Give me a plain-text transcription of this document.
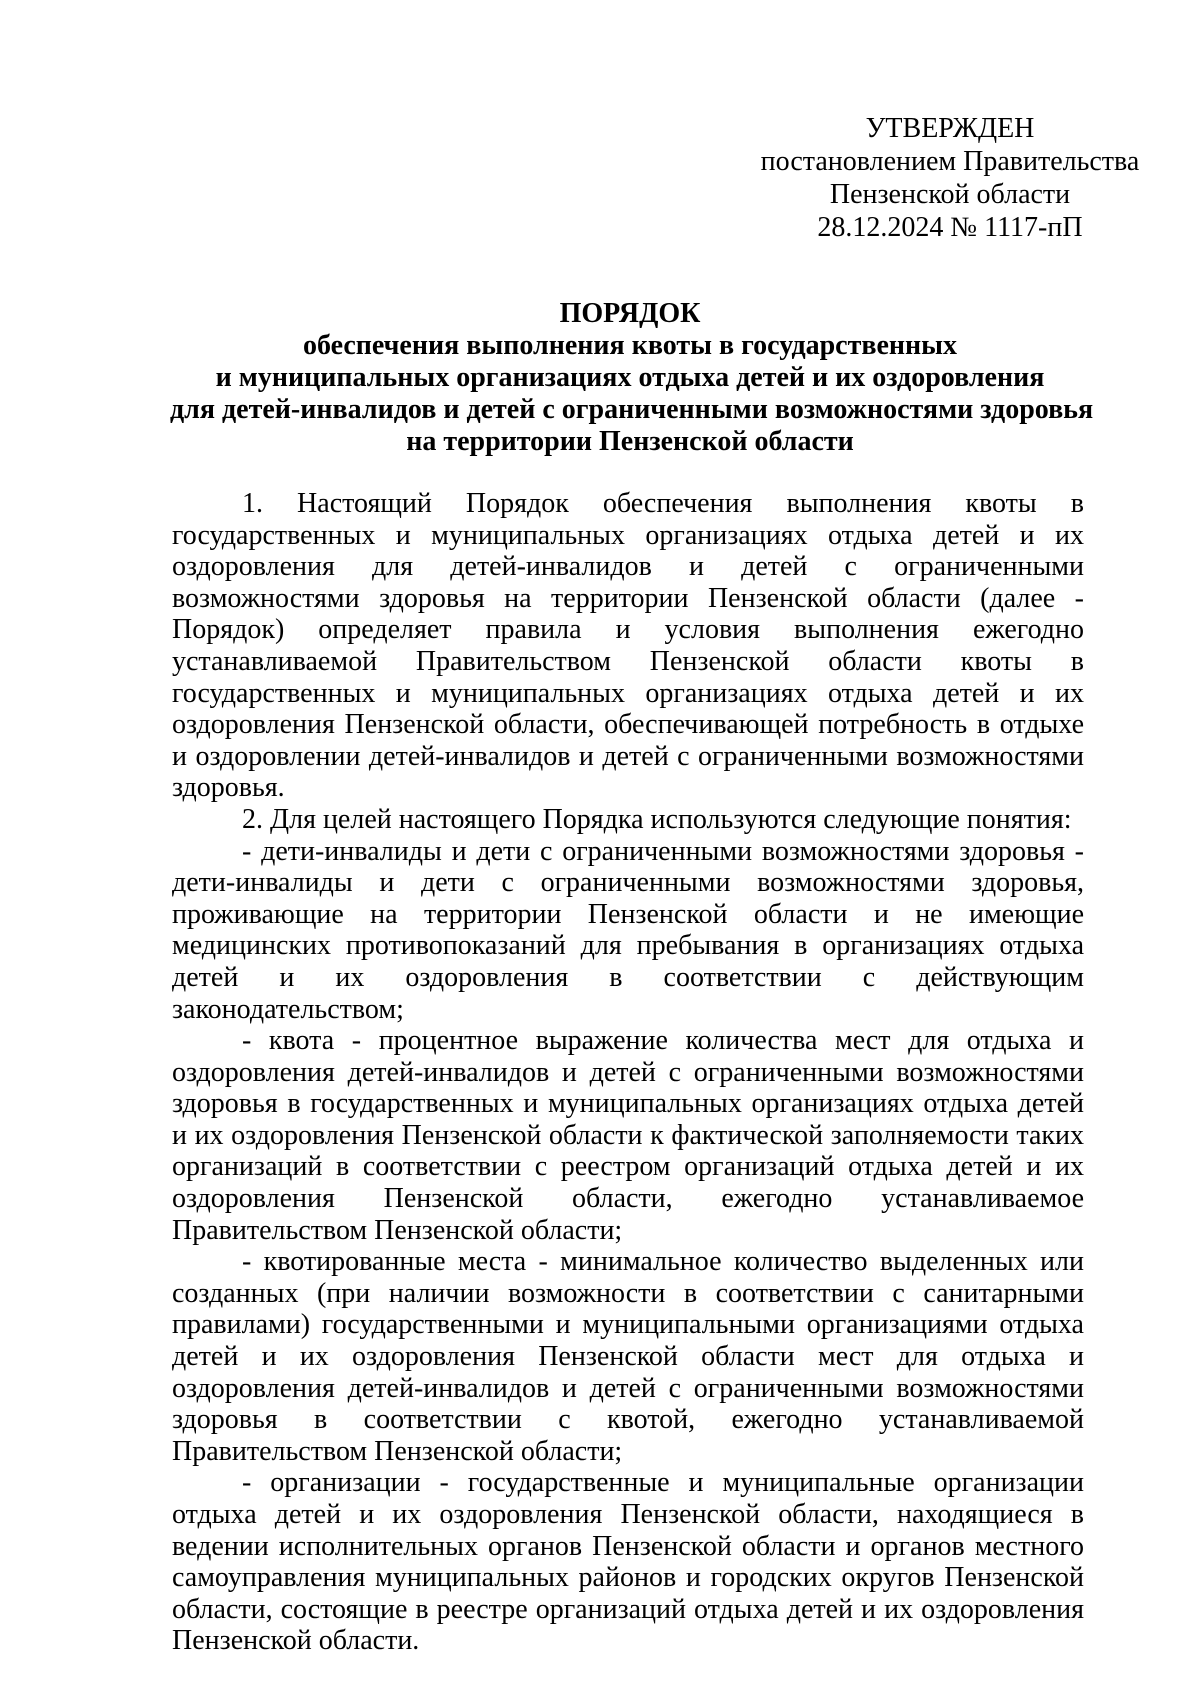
УТВЕРЖДЕН
постановлением Правительства
Пензенской области
28.12.2024 № 1117-пП
ПОРЯДОК
обеспечения выполнения квоты в государственных
и муниципальных организациях отдыха детей и их оздоровления
для детей-инвалидов и детей с ограниченными возможностями здоровья
на территории Пензенской области

1. Настоящий Порядок обеспечения выполнения квоты в государственных и муниципальных организациях отдыха детей и их оздоровления для детей-инвалидов и детей с ограниченными возможностями здоровья на территории Пензенской области (далее - Порядок) определяет правила и условия выполнения ежегодно устанавливаемой Правительством Пензенской области квоты в государственных и муниципальных организациях отдыха детей и их оздоровления Пензенской области, обеспечивающей потребность в отдыхе и оздоровлении детей-инвалидов и детей с ограниченными возможностями здоровья.

2. Для целей настоящего Порядка используются следующие понятия:

- дети-инвалиды и дети с ограниченными возможностями здоровья - дети-инвалиды и дети с ограниченными возможностями здоровья, проживающие на территории Пензенской области и не имеющие медицинских противопоказаний для пребывания в организациях отдыха детей и их оздоровления в соответствии с действующим законодательством;

- квота - процентное выражение количества мест для отдыха и оздоровления детей-инвалидов и детей с ограниченными возможностями здоровья в государственных и муниципальных организациях отдыха детей и их оздоровления Пензенской области к фактической заполняемости таких организаций в соответствии с реестром организаций отдыха детей и их оздоровления Пензенской области, ежегодно устанавливаемое Правительством Пензенской области;

- квотированные места - минимальное количество выделенных или созданных (при наличии возможности в соответствии с санитарными правилами) государственными и муниципальными организациями отдыха детей и их оздоровления Пензенской области мест для отдыха и оздоровления детей-инвалидов и детей с ограниченными возможностями здоровья в соответствии с квотой, ежегодно устанавливаемой Правительством Пензенской области;

- организации - государственные и муниципальные организации отдыха детей и их оздоровления Пензенской области, находящиеся в ведении исполнительных органов Пензенской области и органов местного самоуправления муниципальных районов и городских округов Пензенской области, состоящие в реестре организаций отдыха детей и их оздоровления Пензенской области.
